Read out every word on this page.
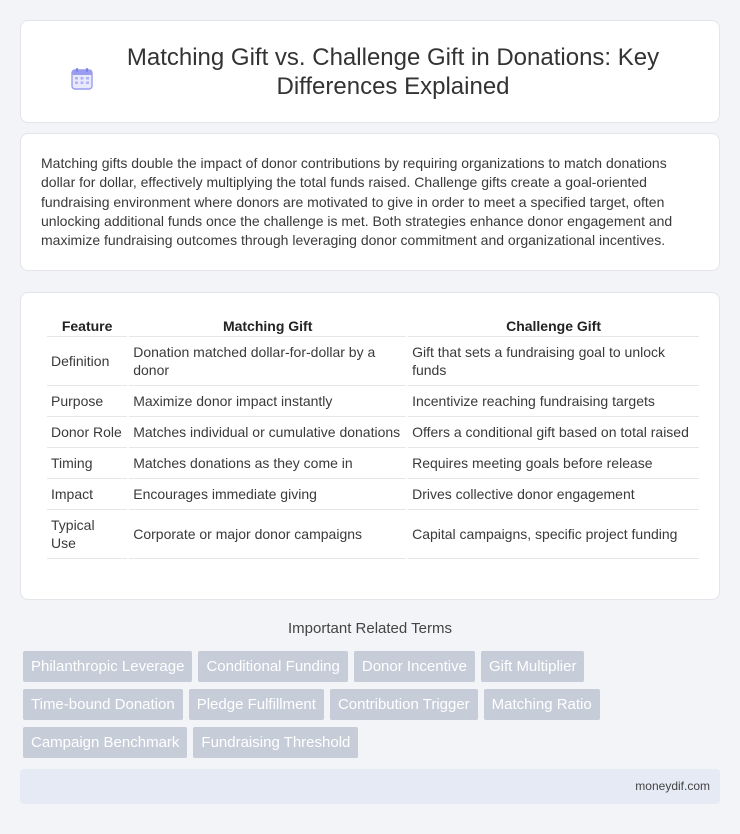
Matching Gift vs. Challenge Gift in Donations: Key Differences Explained

Matching gifts double the impact of donor contributions by requiring organizations to match donations dollar for dollar, effectively multiplying the total funds raised. Challenge gifts create a goal-oriented fundraising environment where donors are motivated to give in order to meet a specified target, often unlocking additional funds once the challenge is met. Both strategies enhance donor engagement and maximize fundraising outcomes through leveraging donor commitment and organizational incentives.

Feature	Matching Gift	Challenge Gift
Definition	Donation matched dollar-for-dollar by a donor	Gift that sets a fundraising goal to unlock funds
Purpose	Maximize donor impact instantly	Incentivize reaching fundraising targets
Donor Role	Matches individual or cumulative donations	Offers a conditional gift based on total raised
Timing	Matches donations as they come in	Requires meeting goals before release
Impact	Encourages immediate giving	Drives collective donor engagement
Typical Use	Corporate or major donor campaigns	Capital campaigns, specific project funding
Important Related Terms
Philanthropic Leverage	Conditional Funding	Donor Incentive	Gift Multiplier
Time-bound Donation	Pledge Fulfillment	Contribution Trigger	Matching Ratio
Campaign Benchmark	Fundraising Threshold
moneydif.com
